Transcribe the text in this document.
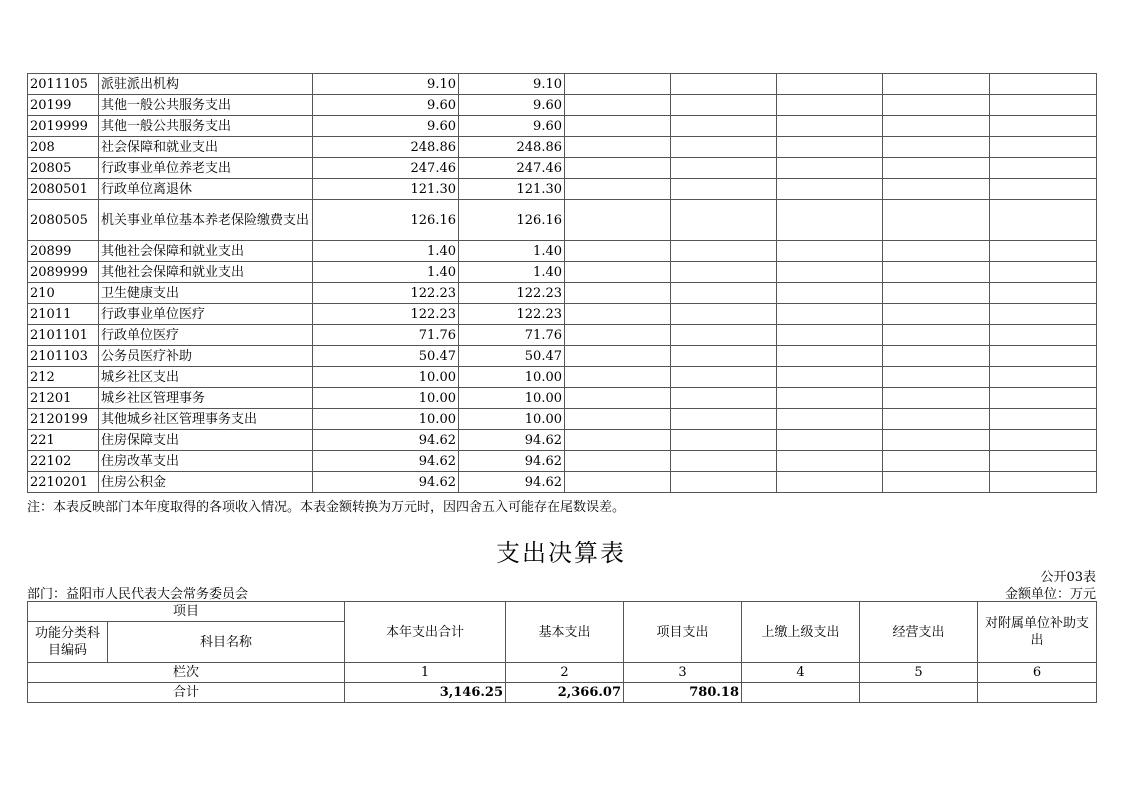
2011105	派驻派出机构	9.10	9.10					
20199	其他一般公共服务支出	9.60	9.60					
2019999	其他一般公共服务支出	9.60	9.60					
208	社会保障和就业支出	248.86	248.86					
20805	行政事业单位养老支出	247.46	247.46					
2080501	行政单位离退休	121.30	121.30					
2080505	机关事业单位基本养老保险缴费支出	126.16	126.16					
20899	其他社会保障和就业支出	1.40	1.40					
2089999	其他社会保障和就业支出	1.40	1.40					
210	卫生健康支出	122.23	122.23					
21011	行政事业单位医疗	122.23	122.23					
2101101	行政单位医疗	71.76	71.76					
2101103	公务员医疗补助	50.47	50.47					
212	城乡社区支出	10.00	10.00					
21201	城乡社区管理事务	10.00	10.00					
2120199	其他城乡社区管理事务支出	10.00	10.00					
221	住房保障支出	94.62	94.62					
22102	住房改革支出	94.62	94.62					
2210201	住房公积金	94.62	94.62					
注：本表反映部门本年度取得的各项收入情况。本表金额转换为万元时，因四舍五入可能存在尾数误差。
支出决算表
公开03表
部门：益阳市人民代表大会常务委员会	金额单位：万元
项目		本年支出合计	基本支出	项目支出	上缴上级支出	经营支出	对附属单位补助支出
功能分类科目编码	科目名称						
栏次		1	2	3	4	5	6
合计		3,146.25	2,366.07	780.18			
